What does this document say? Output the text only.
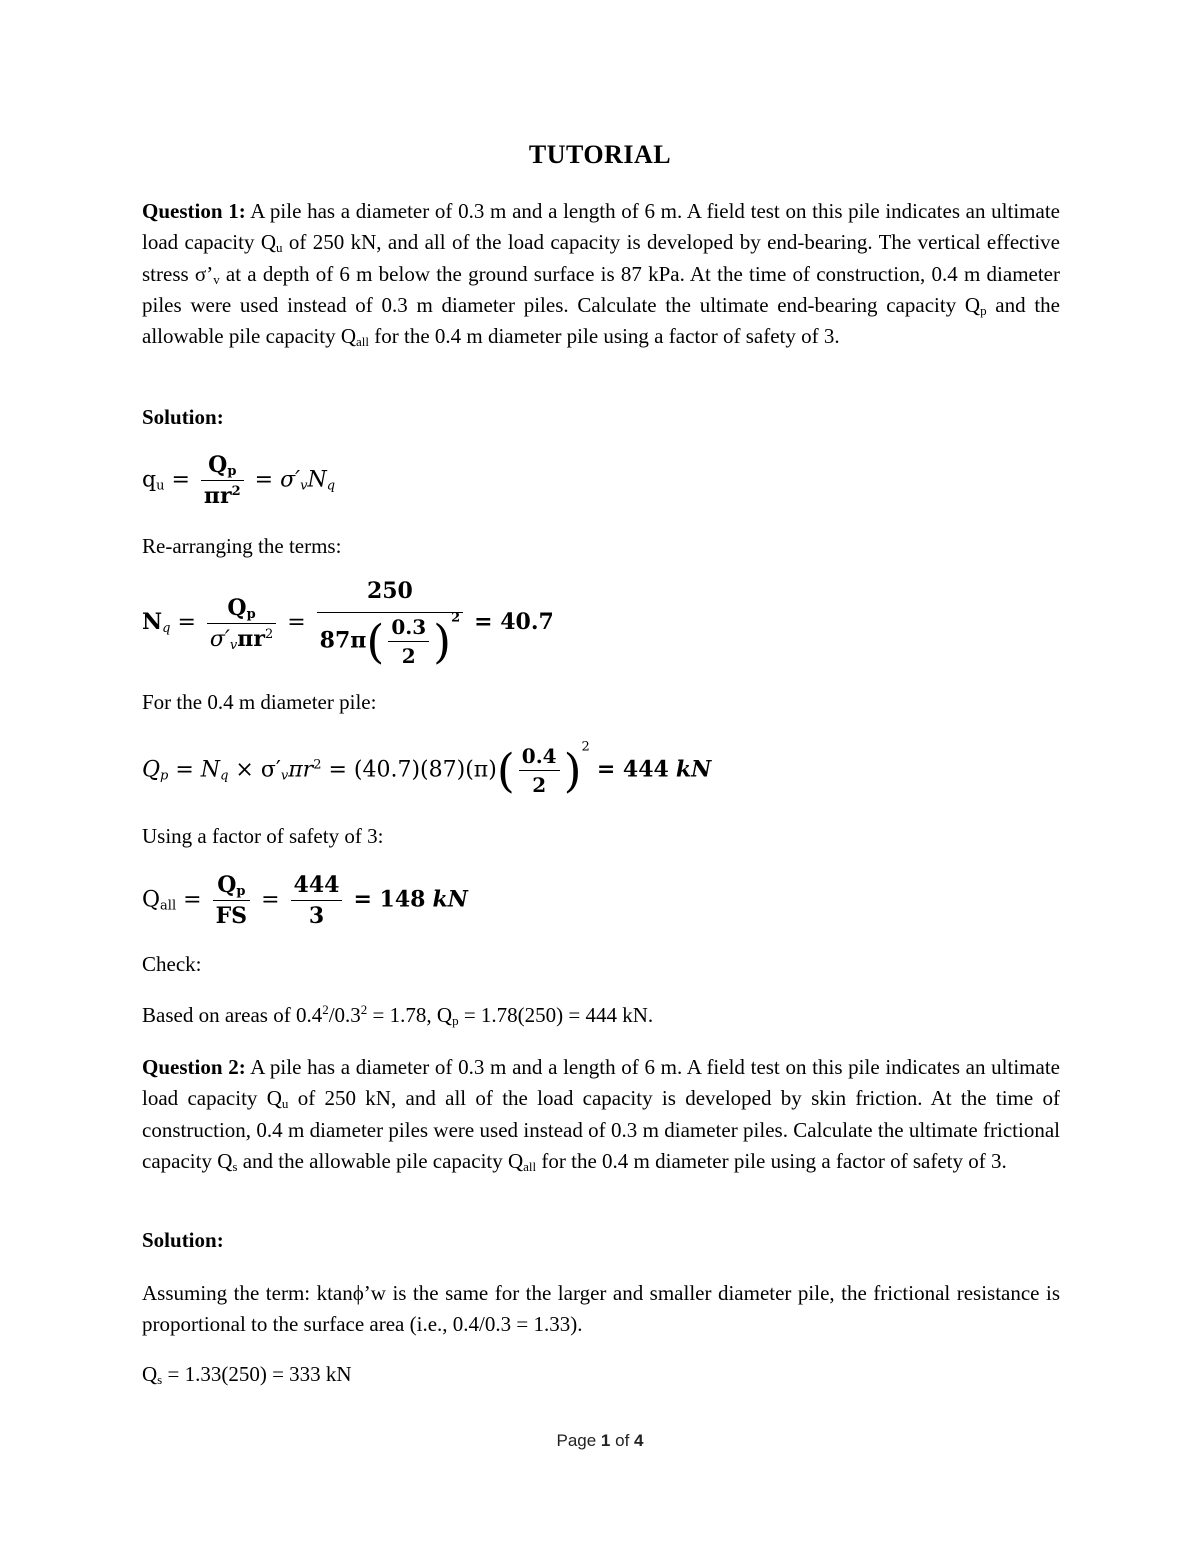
TUTORIAL
Question 1: A pile has a diameter of 0.3 m and a length of 6 m. A field test on this pile indicates an ultimate load capacity $Q_u$ of 250 kN, and all of the load capacity is developed by end-bearing. The vertical effective stress $\sigma’_v$ at a depth of 6 m below the ground surface is 87 kPa. At the time of construction, 0.4 m diameter piles were used instead of 0.3 m diameter piles. Calculate the ultimate end-bearing capacity $Q_p$ and the allowable pile capacity $Q_{all}$ for the 0.4 m diameter pile using a factor of safety of 3.
Solution:
$q_u = \frac{Q_p}{\pi r^2} = \sigma'_vN_q$
Re-arranging the terms:
$N_q = \frac{Q_p}{\sigma'_v\pi r^2} = \frac{250}{87\pi( \frac{0.3}{2} )^2} = 40.7$
For the 0.4 m diameter pile:
$Q_p = N_q \times \sigma'_v\pi r^2 = (40.7)(87)(\pi)( \frac{0.4}{2} )^2 = 444$ kN
Using a factor of safety of 3:
$Q_{all} = \frac{Q_p}{FS} = \frac{444}{3} = 148$ kN
Check:
Based on areas of $0.4^2/0.3^2 = 1.78$, $Q_p = 1.78(250) = 444$ kN.
Question 2: A pile has a diameter of 0.3 m and a length of 6 m. A field test on this pile indicates an ultimate load capacity $Q_u$ of 250 kN, and all of the load capacity is developed by skin friction. At the time of construction, 0.4 m diameter piles were used instead of 0.3 m diameter piles. Calculate the ultimate frictional capacity $Q_s$ and the allowable pile capacity $Q_{all}$ for the 0.4 m diameter pile using a factor of safety of 3.
Solution:
Assuming the term: ktanϕ’w is the same for the larger and smaller diameter pile, the frictional resistance is proportional to the surface area (i.e., 0.4/0.3 = 1.33).
$Q_s = 1.33(250) = 333$ kN
Page 1 of 4
